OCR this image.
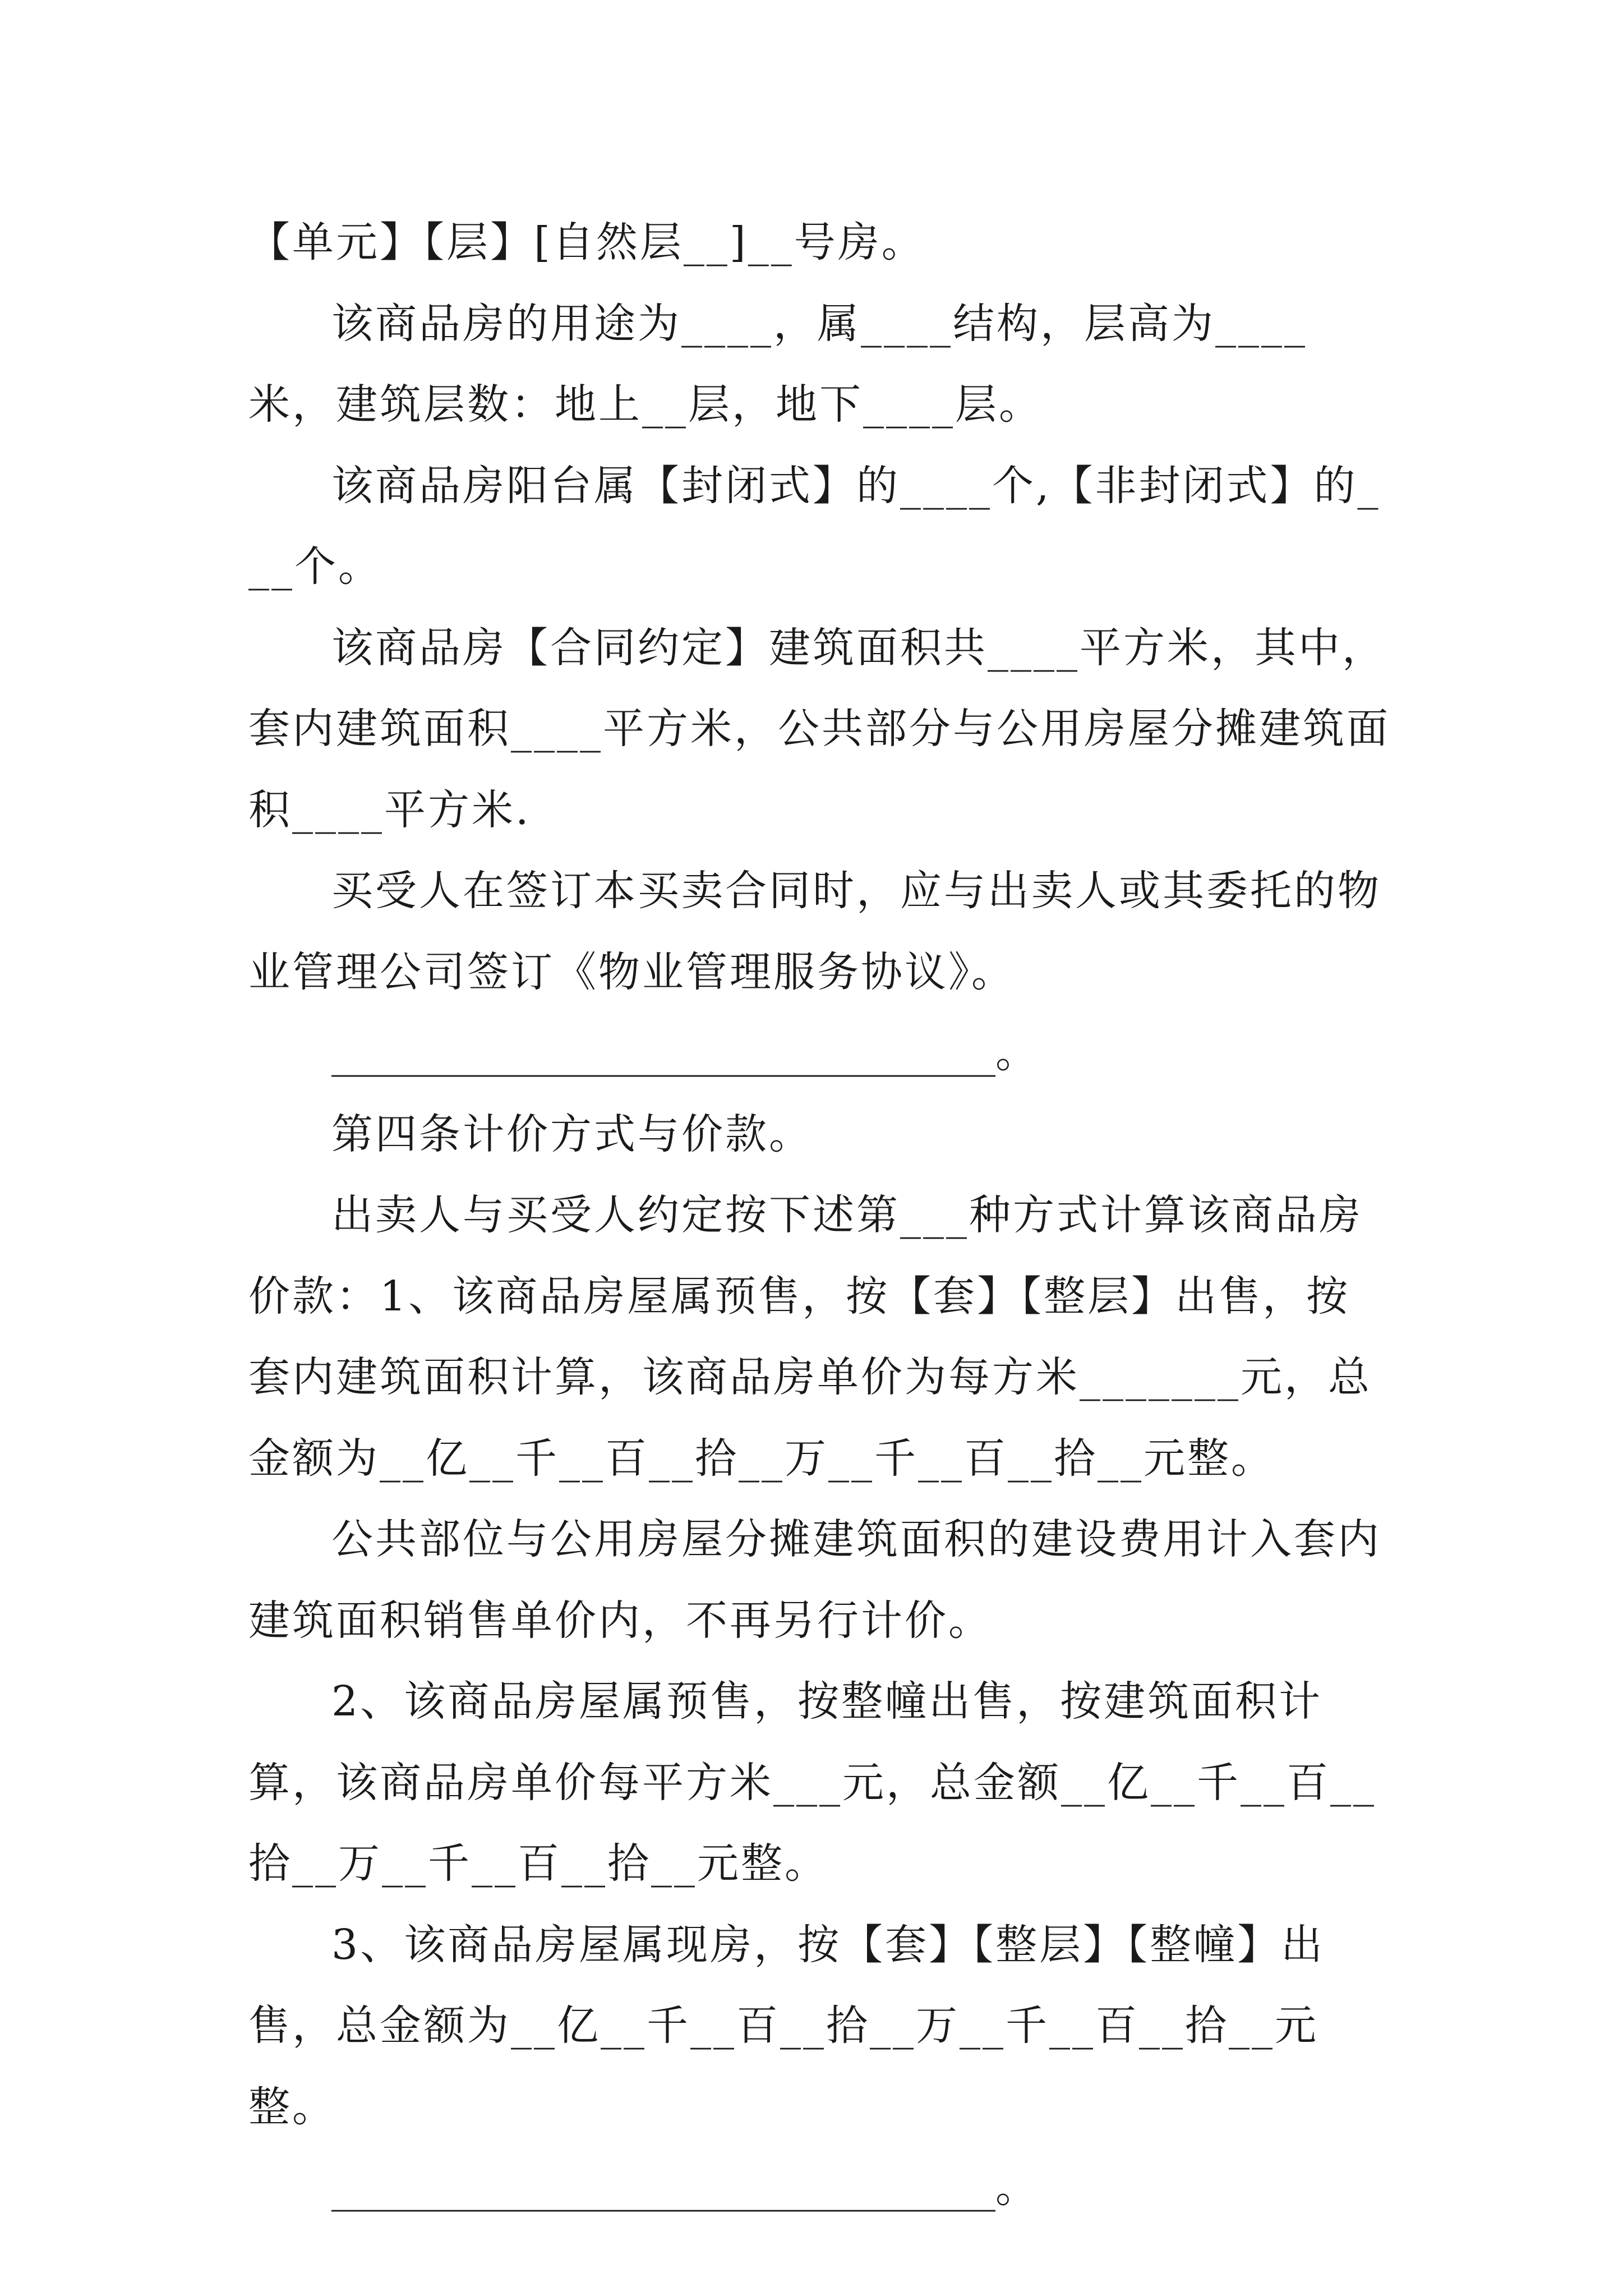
【单元】【层】[自然层__]__号房。

该商品房的用途为____，属____结构，层高为____米，建筑层数：地上__层，地下____层。

该商品房阳台属【封闭式】的____个,【非封闭式】的___个。

该商品房【合同约定】建筑面积共____平方米，其中，套内建筑面积____平方米，公共部分与公用房屋分摊建筑面积____平方米.

买受人在签订本买卖合同时，应与出卖人或其委托的物业管理公司签订《物业管理服务协议》。

________________________________。

第四条计价方式与价款。

出卖人与买受人约定按下述第___种方式计算该商品房价款：1、该商品房屋属预售，按【套】【整层】出售，按套内建筑面积计算，该商品房单价为每方米_______元，总金额为__亿__千__百__拾__万__千__百__拾__元整。

公共部位与公用房屋分摊建筑面积的建设费用计入套内建筑面积销售单价内，不再另行计价。

2、该商品房屋属预售，按整幢出售，按建筑面积计算，该商品房单价每平方米___元，总金额__亿__千__百__拾__万__千__百__拾__元整。

3、该商品房屋属现房，按【套】【整层】【整幢】出售，总金额为__亿__千__百__拾__万__千__百__拾__元整。

________________________________。
